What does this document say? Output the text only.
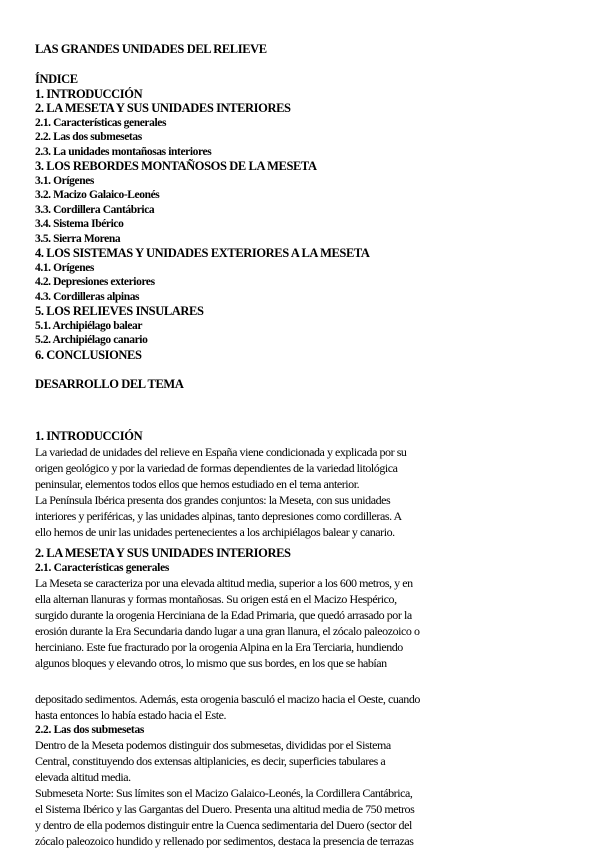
LAS GRANDES UNIDADES DEL RELIEVE

ÍNDICE
1. INTRODUCCIÓN
2. LA MESETA Y SUS UNIDADES INTERIORES
2.1. Características generales
2.2. Las dos submesetas
2.3. La unidades montañosas interiores
3. LOS REBORDES MONTAÑOSOS DE LA MESETA
3.1. Orígenes
3.2. Macizo Galaico-Leonés
3.3. Cordillera Cantábrica
3.4. Sistema Ibérico
3.5. Sierra Morena
4. LOS SISTEMAS Y UNIDADES EXTERIORES A LA MESETA
4.1. Orígenes
4.2. Depresiones exteriores
4.3. Cordilleras alpinas
5. LOS RELIEVES INSULARES
5.1. Archipiélago balear
5.2. Archipiélago canario
6. CONCLUSIONES
DESARROLLO DEL TEMA
1. INTRODUCCIÓN

La variedad de unidades del relieve en España viene condicionada y explicada por su
origen geológico y por la variedad de formas dependientes de la variedad litológica
peninsular, elementos todos ellos que hemos estudiado en el tema anterior.

La Península Ibérica presenta dos grandes conjuntos: la Meseta, con sus unidades
interiores y periféricas, y las unidades alpinas, tanto depresiones como cordilleras. A
ello hemos de unir las unidades pertenecientes a los archipiélagos balear y canario.

2. LA MESETA Y SUS UNIDADES INTERIORES
2.1. Características generales

La Meseta se caracteriza por una elevada altitud media, superior a los 600 metros, y en
ella alternan llanuras y formas montañosas. Su origen está en el Macizo Hespérico,
surgido durante la orogenia Herciniana de la Edad Primaria, que quedó arrasado por la
erosión durante la Era Secundaria dando lugar a una gran llanura, el zócalo paleozoico o
herciniano. Este fue fracturado por la orogenia Alpina en la Era Terciaria, hundiendo
algunos bloques y elevando otros, lo mismo que sus bordes, en los que se habían

depositado sedimentos. Además, esta orogenia basculó el macizo hacia el Oeste, cuando
hasta entonces lo había estado hacia el Este.

2.2. Las dos submesetas

Dentro de la Meseta podemos distinguir dos submesetas, divididas por el Sistema
Central, constituyendo dos extensas altiplanicies, es decir, superficies tabulares a
elevada altitud media.

Submeseta Norte: Sus límites son el Macizo Galaico-Leonés, la Cordillera Cantábrica,
el Sistema Ibérico y las Gargantas del Duero. Presenta una altitud media de 750 metros
y dentro de ella podemos distinguir entre la Cuenca sedimentaria del Duero (sector del
zócalo paleozoico hundido y rellenado por sedimentos, destaca la presencia de terrazas
